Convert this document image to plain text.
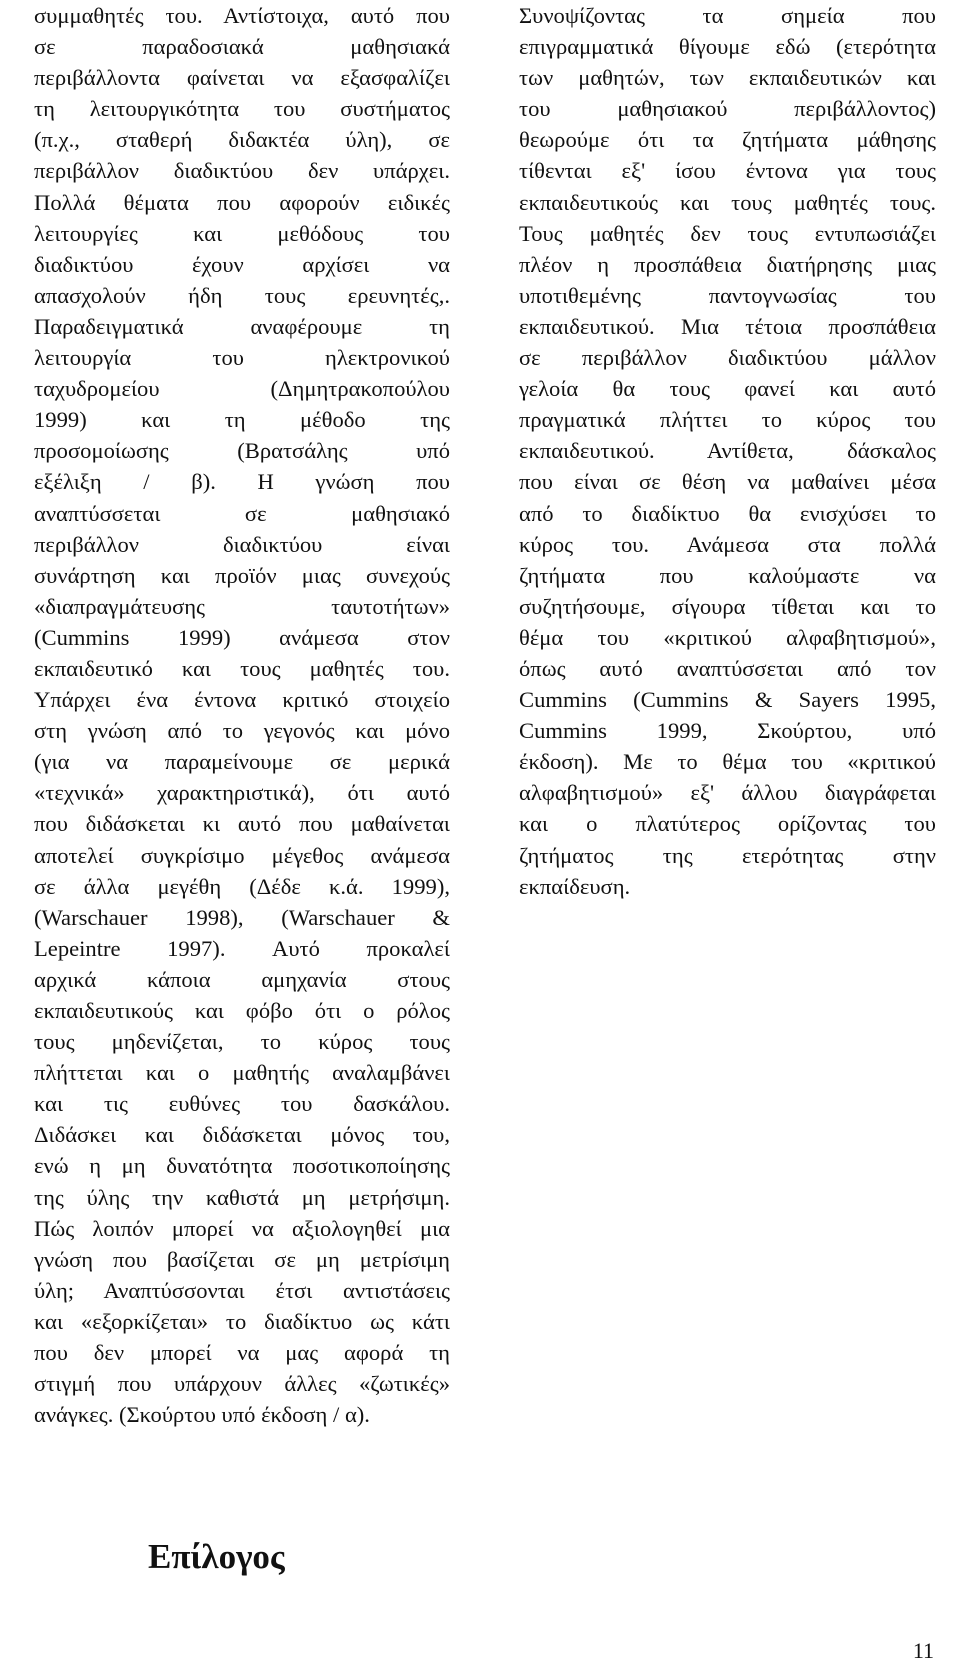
συμμαθητές του. Αντίστοιχα, αυτό που
σε παραδοσιακά μαθησιακά
περιβάλλοντα φαίνεται να εξασφαλίζει
τη λειτουργικότητα του συστήματος
(π.χ., σταθερή διδακτέα ύλη), σε
περιβάλλον διαδικτύου δεν υπάρχει.
Πολλά θέματα που αφορούν ειδικές
λειτουργίες και μεθόδους του
διαδικτύου έχουν αρχίσει να
απασχολούν ήδη τους ερευνητές,.
Παραδειγματικά αναφέρουμε τη
λειτουργία του ηλεκτρονικού
ταχυδρομείου (Δημητρακοπούλου
1999) και τη μέθοδο της
προσομοίωσης (Βρατσάλης υπό
εξέλιξη / β). Η γνώση που
αναπτύσσεται σε μαθησιακό
περιβάλλον διαδικτύου είναι
συνάρτηση και προϊόν μιας συνεχούς
«διαπραγμάτευσης ταυτοτήτων»
(Cummins 1999) ανάμεσα στον
εκπαιδευτικό και τους μαθητές του.
Υπάρχει ένα έντονα κριτικό στοιχείο
στη γνώση από το γεγονός και μόνο
(για να παραμείνουμε σε μερικά
«τεχνικά» χαρακτηριστικά), ότι αυτό
που διδάσκεται κι αυτό που μαθαίνεται
αποτελεί συγκρίσιμο μέγεθος ανάμεσα
σε άλλα μεγέθη (Δέδε κ.ά. 1999),
(Warschauer 1998), (Warschauer &
Lepeintre 1997). Αυτό προκαλεί
αρχικά κάποια αμηχανία στους
εκπαιδευτικούς και φόβο ότι ο ρόλος
τους μηδενίζεται, το κύρος τους
πλήττεται και ο μαθητής αναλαμβάνει
και τις ευθύνες του δασκάλου.
Διδάσκει και διδάσκεται μόνος του,
ενώ η μη δυνατότητα ποσοτικοποίησης
της ύλης την καθιστά μη μετρήσιμη.
Πώς λοιπόν μπορεί να αξιολογηθεί μια
γνώση που βασίζεται σε μη μετρίσιμη
ύλη; Αναπτύσσονται έτσι αντιστάσεις
και «εξορκίζεται» το διαδίκτυο ως κάτι
που δεν μπορεί να μας αφορά τη
στιγμή που υπάρχουν άλλες «ζωτικές»
ανάγκες. (Σκούρτου υπό έκδοση / α).
Συνοψίζοντας τα σημεία που
επιγραμματικά θίγουμε εδώ (ετερότητα
των μαθητών, των εκπαιδευτικών και
του μαθησιακού περιβάλλοντος)
θεωρούμε ότι τα ζητήματα μάθησης
τίθενται εξ' ίσου έντονα για τους
εκπαιδευτικούς και τους μαθητές τους.
Τους μαθητές δεν τους εντυπωσιάζει
πλέον η προσπάθεια διατήρησης μιας
υποτιθεμένης παντογνωσίας του
εκπαιδευτικού. Μια τέτοια προσπάθεια
σε περιβάλλον διαδικτύου μάλλον
γελοία θα τους φανεί και αυτό
πραγματικά πλήττει το κύρος του
εκπαιδευτικού. Αντίθετα, δάσκαλος
που είναι σε θέση να μαθαίνει μέσα
από το διαδίκτυο θα ενισχύσει το
κύρος του. Ανάμεσα στα πολλά
ζητήματα που καλούμαστε να
συζητήσουμε, σίγουρα τίθεται και το
θέμα του «κριτικού αλφαβητισμού»,
όπως αυτό αναπτύσσεται από τον
Cummins (Cummins & Sayers 1995,
Cummins 1999, Σκούρτου, υπό
έκδοση). Με το θέμα του «κριτικού
αλφαβητισμού» εξ' άλλου διαγράφεται
και ο πλατύτερος ορίζοντας του
ζητήματος της ετερότητας στην
εκπαίδευση.
Επίλογος
11
